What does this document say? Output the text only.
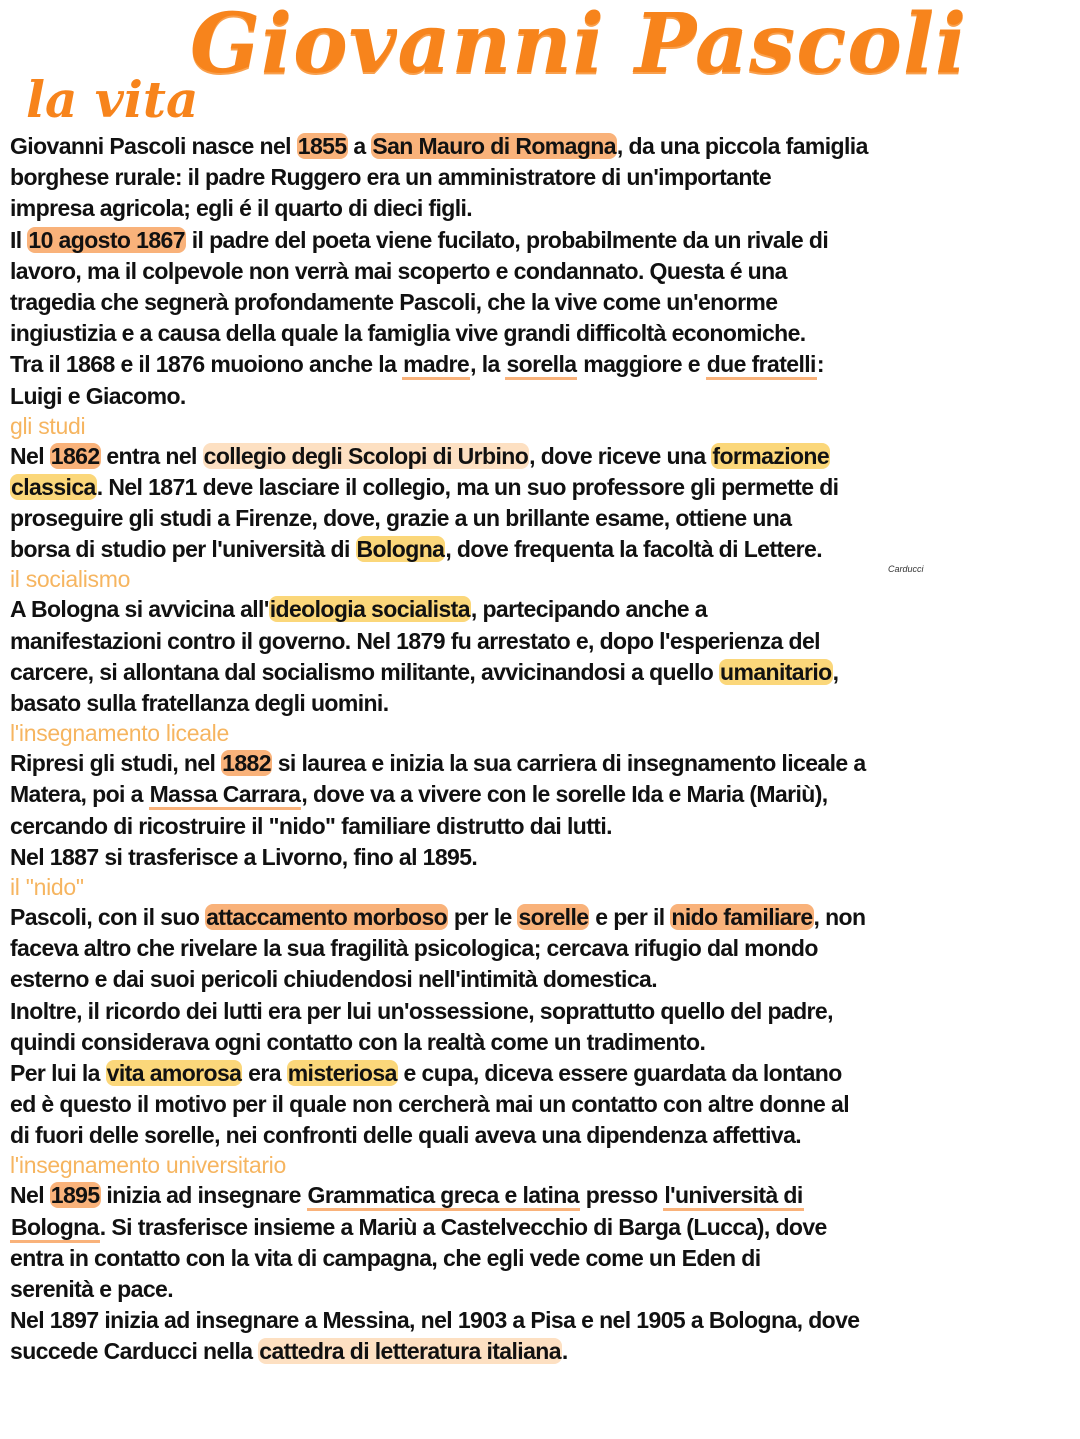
Giovanni Pascoli
la vita
Carducci
Giovanni Pascoli nasce nel 1855 a San Mauro di Romagna, da una piccola famiglia
borghese rurale: il padre Ruggero era un amministratore di un'importante
impresa agricola; egli é il quarto di dieci figli.
Il 10 agosto 1867 il padre del poeta viene fucilato, probabilmente da un rivale di
lavoro, ma il colpevole non verrà mai scoperto e condannato. Questa é una
tragedia che segnerà profondamente Pascoli, che la vive come un'enorme
ingiustizia e a causa della quale la famiglia vive grandi difficoltà economiche.
Tra il 1868 e il 1876 muoiono anche la madre, la sorella maggiore e due fratelli:
Luigi e Giacomo.
gli studi
Nel 1862 entra nel collegio degli Scolopi di Urbino, dove riceve una formazione
classica. Nel 1871 deve lasciare il collegio, ma un suo professore gli permette di
proseguire gli studi a Firenze, dove, grazie a un brillante esame, ottiene una
borsa di studio per l'università di Bologna, dove frequenta la facoltà di Lettere.
il socialismo
A Bologna si avvicina all'ideologia socialista, partecipando anche a
manifestazioni contro il governo. Nel 1879 fu arrestato e, dopo l'esperienza del
carcere, si allontana dal socialismo militante, avvicinandosi a quello umanitario,
basato sulla fratellanza degli uomini.
l'insegnamento liceale
Ripresi gli studi, nel 1882 si laurea e inizia la sua carriera di insegnamento liceale a
Matera, poi a Massa Carrara, dove va a vivere con le sorelle Ida e Maria (Mariù),
cercando di ricostruire il "nido" familiare distrutto dai lutti.
Nel 1887 si trasferisce a Livorno, fino al 1895.
il "nido"
Pascoli, con il suo attaccamento morboso per le sorelle e per il nido familiare, non
faceva altro che rivelare la sua fragilità psicologica; cercava rifugio dal mondo
esterno e dai suoi pericoli chiudendosi nell'intimità domestica.
Inoltre, il ricordo dei lutti era per lui un'ossessione, soprattutto quello del padre,
quindi considerava ogni contatto con la realtà come un tradimento.
Per lui la vita amorosa era misteriosa e cupa, diceva essere guardata da lontano
ed è questo il motivo per il quale non cercherà mai un contatto con altre donne al
di fuori delle sorelle, nei confronti delle quali aveva una dipendenza affettiva.
l'insegnamento universitario
Nel 1895 inizia ad insegnare Grammatica greca e latina presso l'università di
Bologna. Si trasferisce insieme a Mariù a Castelvecchio di Barga (Lucca), dove
entra in contatto con la vita di campagna, che egli vede come un Eden di
serenità e pace.
Nel 1897 inizia ad insegnare a Messina, nel 1903 a Pisa e nel 1905 a Bologna, dove
succede Carducci nella cattedra di letteratura italiana.
